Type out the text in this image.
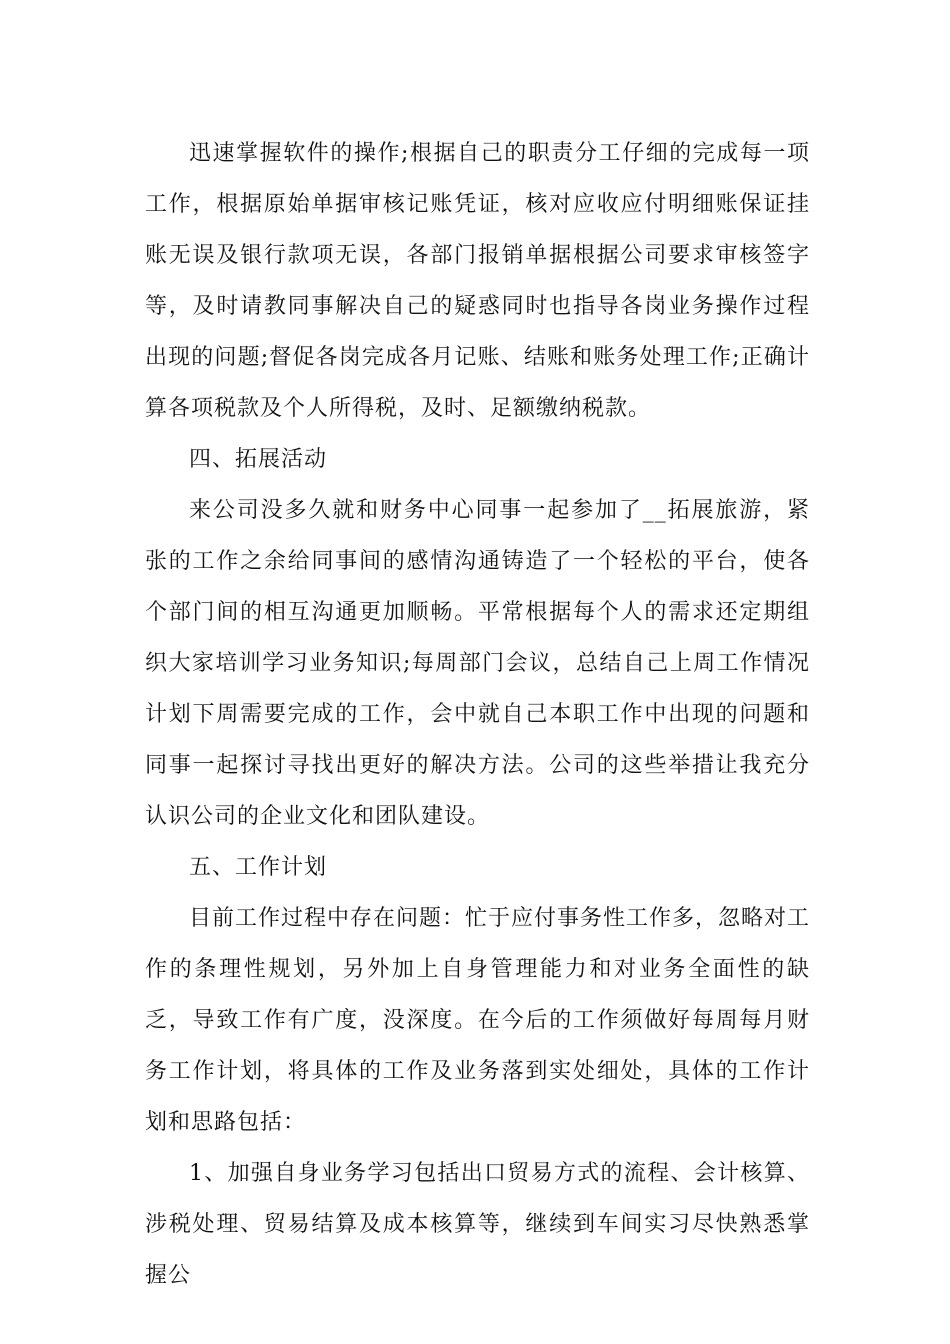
迅速掌握软件的操作;根据自己的职责分工仔细的完成每一项工作，根据原始单据审核记账凭证，核对应收应付明细账保证挂账无误及银行款项无误，各部门报销单据根据公司要求审核签字等，及时请教同事解决自己的疑惑同时也指导各岗业务操作过程出现的问题;督促各岗完成各月记账、结账和账务处理工作;正确计算各项税款及个人所得税，及时、足额缴纳税款。

四、拓展活动

来公司没多久就和财务中心同事一起参加了__拓展旅游，紧张的工作之余给同事间的感情沟通铸造了一个轻松的平台，使各个部门间的相互沟通更加顺畅。平常根据每个人的需求还定期组织大家培训学习业务知识;每周部门会议，总结自己上周工作情况计划下周需要完成的工作，会中就自己本职工作中出现的问题和同事一起探讨寻找出更好的解决方法。公司的这些举措让我充分认识公司的企业文化和团队建设。

五、工作计划

目前工作过程中存在问题：忙于应付事务性工作多，忽略对工作的条理性规划，另外加上自身管理能力和对业务全面性的缺乏，导致工作有广度，没深度。在今后的工作须做好每周每月财务工作计划，将具体的工作及业务落到实处细处，具体的工作计划和思路包括：

1、加强自身业务学习包括出口贸易方式的流程、会计核算、涉税处理、贸易结算及成本核算等，继续到车间实习尽快熟悉掌握公
